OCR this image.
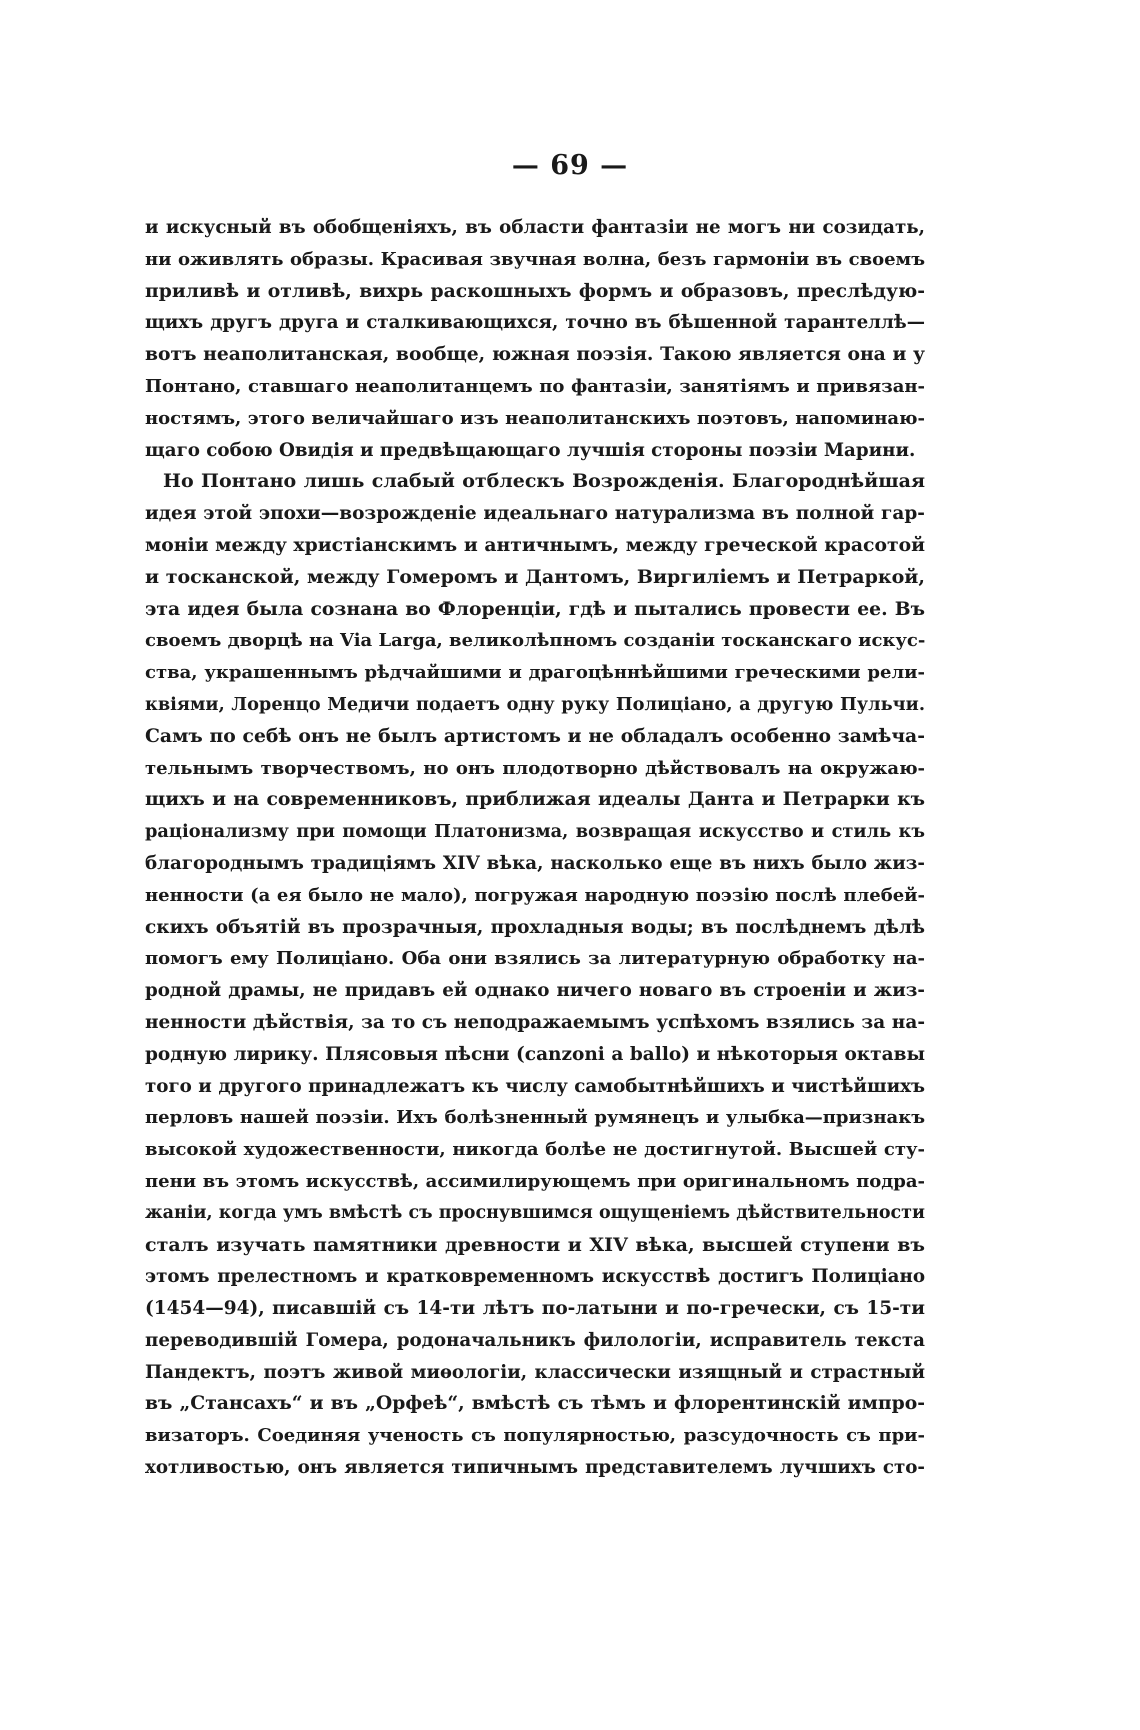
— 69 —
и искусный въ обобщеніяхъ, въ области фантазіи не могъ ни созидать,
ни оживлять образы. Красивая звучная волна, безъ гармоніи въ своемъ
приливѣ и отливѣ, вихрь раскошныхъ формъ и образовъ, преслѣдую-
щихъ другъ друга и сталкивающихся, точно въ бѣшенной тарантеллѣ—
вотъ неаполитанская, вообще, южная поэзія. Такою является она и у
Понтано, ставшаго неаполитанцемъ по фантазіи, занятіямъ и привязан-
ностямъ, этого величайшаго изъ неаполитанскихъ поэтовъ, напоминаю-
щаго собою Овидія и предвѣщающаго лучшія стороны поэзіи Марини.
Но Понтано лишь слабый отблескъ Возрожденія. Благороднѣйшая
идея этой эпохи—возрожденіе идеальнаго натурализма въ полной гар-
моніи между христіанскимъ и античнымъ, между греческой красотой
и тосканской, между Гомеромъ и Дантомъ, Виргиліемъ и Петраркой,
эта идея была сознана во Флоренціи, гдѣ и пытались провести ее. Въ
своемъ дворцѣ на Via Larga, великолѣпномъ созданіи тосканскаго искус-
ства, украшеннымъ рѣдчайшими и драгоцѣннѣйшими греческими рели-
квіями, Лоренцо Медичи подаетъ одну руку Полиціано, а другую Пульчи.
Самъ по себѣ онъ не былъ артистомъ и не обладалъ особенно замѣча-
тельнымъ творчествомъ, но онъ плодотворно дѣйствовалъ на окружаю-
щихъ и на современниковъ, приближая идеалы Данта и Петрарки къ
раціонализму при помощи Платонизма, возвращая искусство и стиль къ
благороднымъ традиціямъ XIV вѣка, насколько еще въ нихъ было жиз-
ненности (а ея было не мало), погружая народную поэзію послѣ плебей-
скихъ объятій въ прозрачныя, прохладныя воды; въ послѣднемъ дѣлѣ
помогъ ему Полиціано. Оба они взялись за литературную обработку на-
родной драмы, не придавъ ей однако ничего новаго въ строеніи и жиз-
ненности дѣйствія, за то съ неподражаемымъ успѣхомъ взялись за на-
родную лирику. Плясовыя пѣсни (canzoni a ballo) и нѣкоторыя октавы
того и другого принадлежатъ къ числу самобытнѣйшихъ и чистѣйшихъ
перловъ нашей поэзіи. Ихъ болѣзненный румянецъ и улыбка—признакъ
высокой художественности, никогда болѣе не достигнутой. Высшей сту-
пени въ этомъ искусствѣ, ассимилирующемъ при оригинальномъ подра-
жаніи, когда умъ вмѣстѣ съ проснувшимся ощущеніемъ дѣйствительности
сталъ изучать памятники древности и XIV вѣка, высшей ступени въ
этомъ прелестномъ и кратковременномъ искусствѣ достигъ Полиціано
(1454—94), писавшій съ 14-ти лѣтъ по-латыни и по-гречески, съ 15-ти
переводившій Гомера, родоначальникъ филологіи, исправитель текста
Пандектъ, поэтъ живой миѳологіи, классически изящный и страстный
въ „Стансахъ“ и въ „Орфеѣ“, вмѣстѣ съ тѣмъ и флорентинскій импро-
визаторъ. Соединяя ученость съ популярностью, разсудочность съ при-
хотливостью, онъ является типичнымъ представителемъ лучшихъ сто-
